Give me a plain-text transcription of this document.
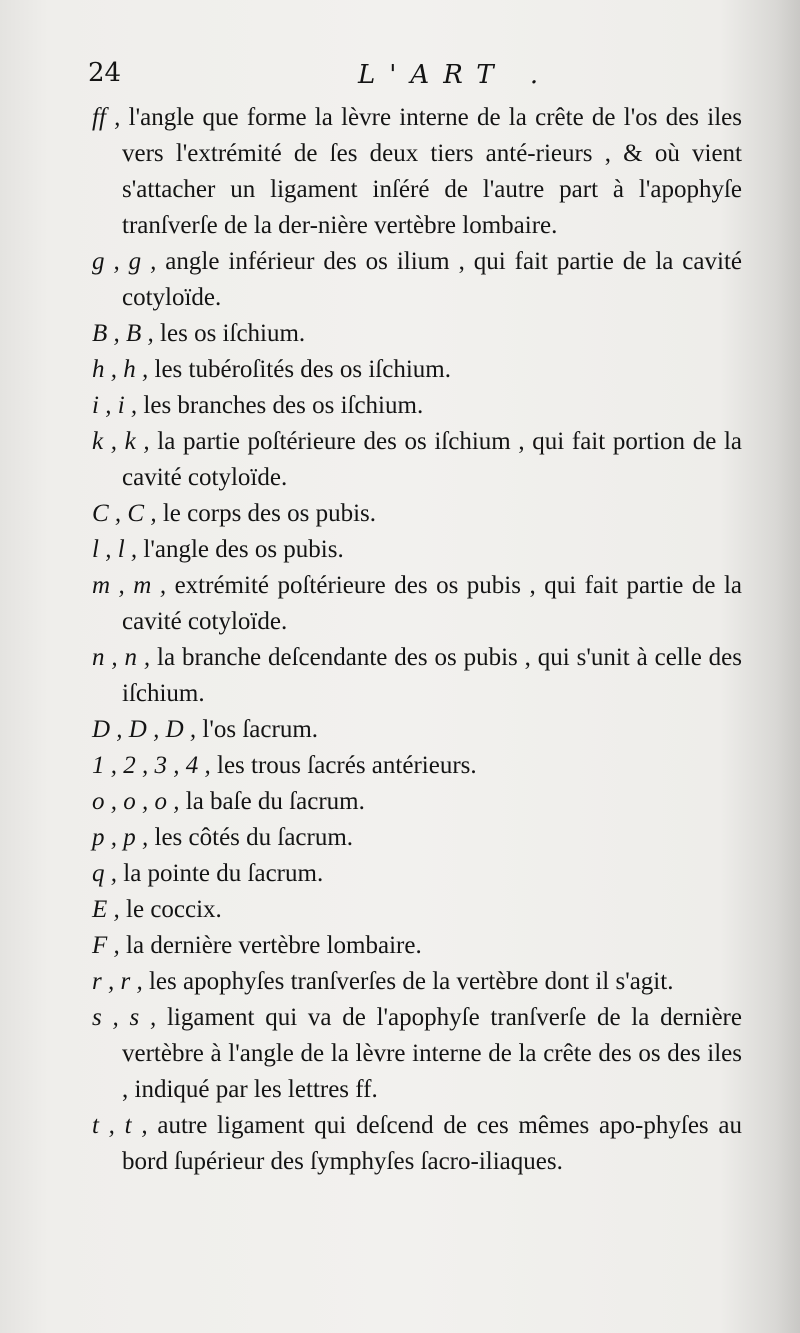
24	L'ART .

ff , l'angle que forme la lèvre interne de la crête de l'os des iles vers l'extrémité de ſes deux tiers anté-rieurs , & où vient s'attacher un ligament inſéré de l'autre part à l'apophyſe tranſverſe de la der-nière vertèbre lombaire.

g , g , angle inférieur des os ilium , qui fait partie de la cavité cotyloïde.

B , B , les os iſchium.

h , h , les tubéroſités des os iſchium.

i , i , les branches des os iſchium.

k , k , la partie poſtérieure des os iſchium , qui fait portion de la cavité cotyloïde.

C , C , le corps des os pubis.

l , l , l'angle des os pubis.

m , m , extrémité poſtérieure des os pubis , qui fait partie de la cavité cotyloïde.

n , n , la branche deſcendante des os pubis , qui s'unit à celle des iſchium.

D , D , D , l'os ſacrum.

1 , 2 , 3 , 4 , les trous ſacrés antérieurs.

o , o , o , la baſe du ſacrum.

p , p , les côtés du ſacrum.

q , la pointe du ſacrum.

E , le coccix.

F , la dernière vertèbre lombaire.

r , r , les apophyſes tranſverſes de la vertèbre dont il s'agit.

s , s , ligament qui va de l'apophyſe tranſverſe de la dernière vertèbre à l'angle de la lèvre interne de la crête des os des iles , indiqué par les lettres ff.

t , t , autre ligament qui deſcend de ces mêmes apo-phyſes au bord ſupérieur des ſymphyſes ſacro-iliaques.
